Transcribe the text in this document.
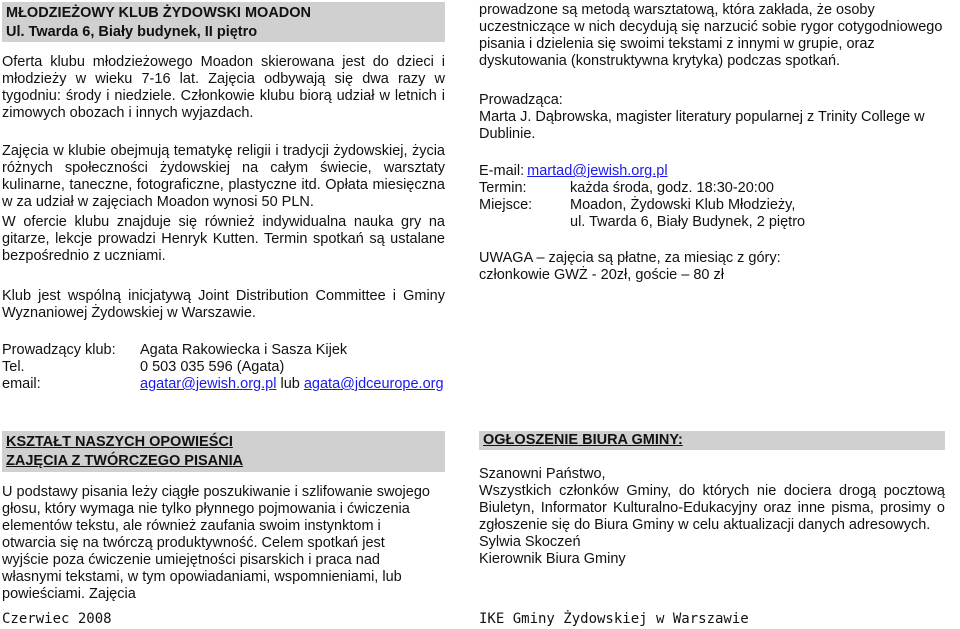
MŁODZIEŻOWY KLUB ŻYDOWSKI MOADON
Ul. Twarda 6, Biały budynek, II piętro

Oferta klubu młodzieżowego Moadon skierowana jest do dzieci i młodzieży w wieku 7-16 lat. Zajęcia odbywają się dwa razy w tygodniu: środy i niedziele. Członkowie klubu biorą udział w letnich i zimowych obozach i innych wyjazdach.

Zajęcia w klubie obejmują tematykę religii i tradycji żydowskiej, życia różnych społeczności żydowskiej na całym świecie, warsztaty kulinarne, taneczne, fotograficzne, plastyczne itd. Opłata miesięczna w za udział w zajęciach Moadon wynosi 50 PLN.

W ofercie klubu znajduje się również indywidualna nauka gry na gitarze, lekcje prowadzi Henryk Kutten. Termin spotkań są ustalane bezpośrednio z uczniami.

Klub jest wspólną inicjatywą Joint Distribution Committee i Gminy Wyznaniowej Żydowskiej w Warszawie.

Prowadzący klub:	Agata Rakowiecka i Sasza Kijek
Tel.	0 503 035 596 (Agata)
email:	agatar@jewish.org.pl lub agata@jdceurope.org
KSZTAŁT NASZYCH OPOWIEŚCI
ZAJĘCIA Z TWÓRCZEGO PISANIA

U podstawy pisania leży ciągłe poszukiwanie i szlifowanie swojego głosu, który wymaga nie tylko płynnego pojmowania i ćwiczenia elementów tekstu, ale również zaufania swoim instynktom i otwarcia się na twórczą produktywność. Celem spotkań jest wyjście poza ćwiczenie umiejętności pisarskich i praca nad własnymi tekstami, w tym opowiadaniami, wspomnieniami, lub powieściami. Zajęcia

prowadzone są metodą warsztatową, która zakłada, że osoby uczestniczące w nich decydują się narzucić sobie rygor cotygodniowego pisania i dzielenia się swoimi tekstami z innymi w grupie, oraz dyskutowania (konstruktywna krytyka) podczas spotkań.

Prowadząca:
Marta J. Dąbrowska, magister literatury popularnej z Trinity College w Dublinie.
E-mail: martad@jewish.org.pl
Termin:	każda środa, godz. 18:30-20:00
Miejsce:	Moadon, Żydowski Klub Młodzieży,
ul. Twarda 6, Biały Budynek, 2 piętro

UWAGA – zajęcia są płatne, za miesiąc z góry: członkowie GWŻ - 20zł, goście – 80 zł

OGŁOSZENIE BIURA GMINY:
Szanowni Państwo,
Wszystkich członków Gminy, do których nie dociera drogą pocztową Biuletyn, Informator Kulturalno-Edukacyjny oraz inne pisma, prosimy o zgłoszenie się do Biura Gminy w celu aktualizacji danych adresowych.
Sylwia Skoczeń
Kierownik Biura Gminy
Czerwiec 2008	IKE Gminy Żydowskiej w Warszawie
